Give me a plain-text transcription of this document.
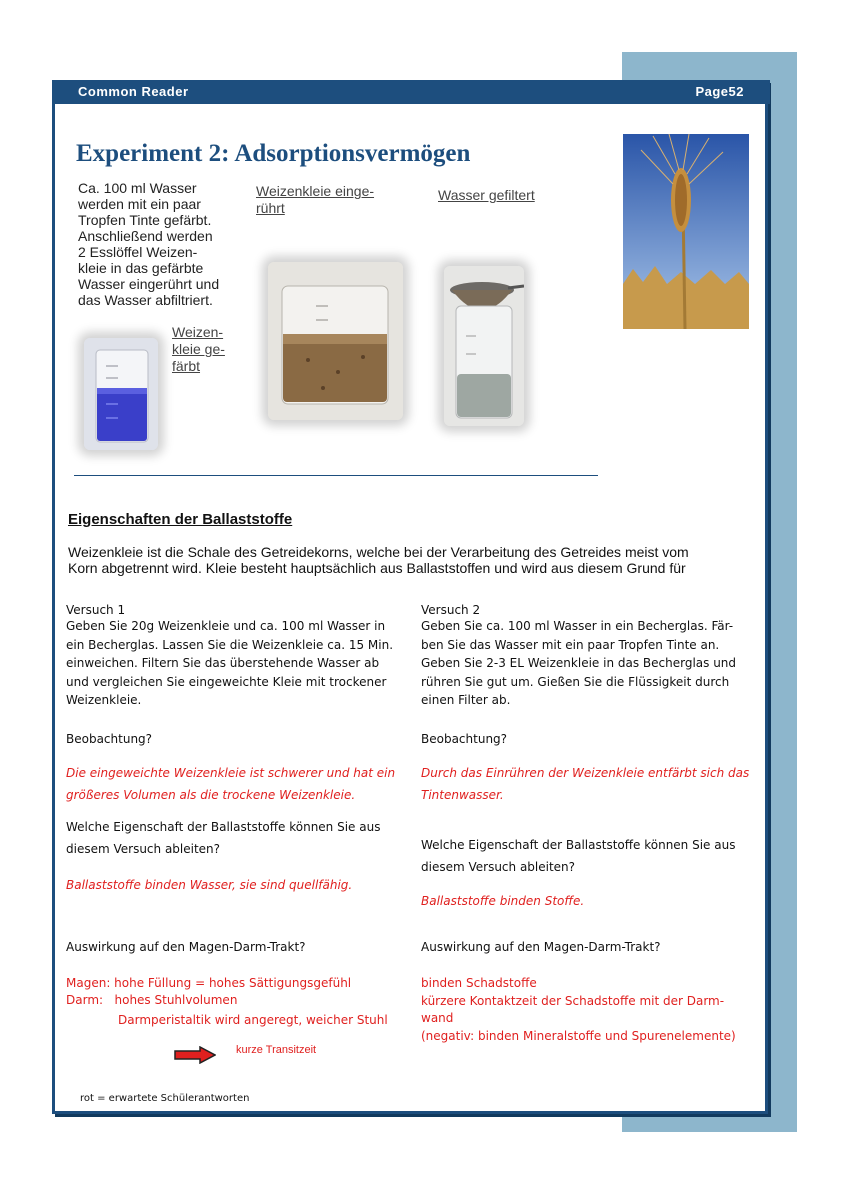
Common Reader	Page52
Experiment 2: Adsorptionsvermögen
Ca. 100 ml Wasser
werden mit ein paar
Tropfen Tinte gefärbt.
Anschließend werden
2 Esslöffel Weizen-
kleie in das gefärbte
Wasser eingerührt und
das Wasser abfiltriert.
Weizenkleie einge-
rührt
Wasser gefiltert
Weizen-
kleie ge-
färbt
Eigenschaften der Ballaststoffe
Weizenkleie ist die Schale des Getreidekorns, welche bei der Verarbeitung des Getreides meist vom
Korn abgetrennt wird. Kleie besteht hauptsächlich aus Ballaststoffen und wird aus diesem Grund für
Versuch 1
Geben Sie 20g Weizenkleie und ca. 100 ml Wasser in
ein Becherglas. Lassen Sie die Weizenkleie ca. 15 Min.
einweichen. Filtern Sie das überstehende Wasser ab
und vergleichen Sie eingeweichte Kleie mit trockener
Weizenkleie.
Beobachtung?
Die eingeweichte Weizenkleie ist schwerer und hat ein
größeres Volumen als die trockene Weizenkleie.
Welche Eigenschaft der Ballaststoffe können Sie aus
diesem Versuch ableiten?
Ballaststoffe binden Wasser, sie sind quellfähig.
Auswirkung auf den Magen-Darm-Trakt?
Magen: hohe Füllung = hohes Sättigungsgefühl
Darm:   hohes Stuhlvolumen
Darmperistaltik wird angeregt, weicher Stuhl
kurze Transitzeit
Versuch 2
Geben Sie ca. 100 ml Wasser in ein Becherglas. Fär-
ben Sie das Wasser mit ein paar Tropfen Tinte an.
Geben Sie 2-3 EL Weizenkleie in das Becherglas und
rühren Sie gut um. Gießen Sie die Flüssigkeit durch
einen Filter ab.
Beobachtung?
Durch das Einrühren der Weizenkleie entfärbt sich das
Tintenwasser.
Welche Eigenschaft der Ballaststoffe können Sie aus
diesem Versuch ableiten?
Ballaststoffe binden Stoffe.
Auswirkung auf den Magen-Darm-Trakt?
binden Schadstoffe
kürzere Kontaktzeit der Schadstoffe mit der Darm-
wand
(negativ: binden Mineralstoffe und Spurenelemente)
rot = erwartete Schülerantworten
